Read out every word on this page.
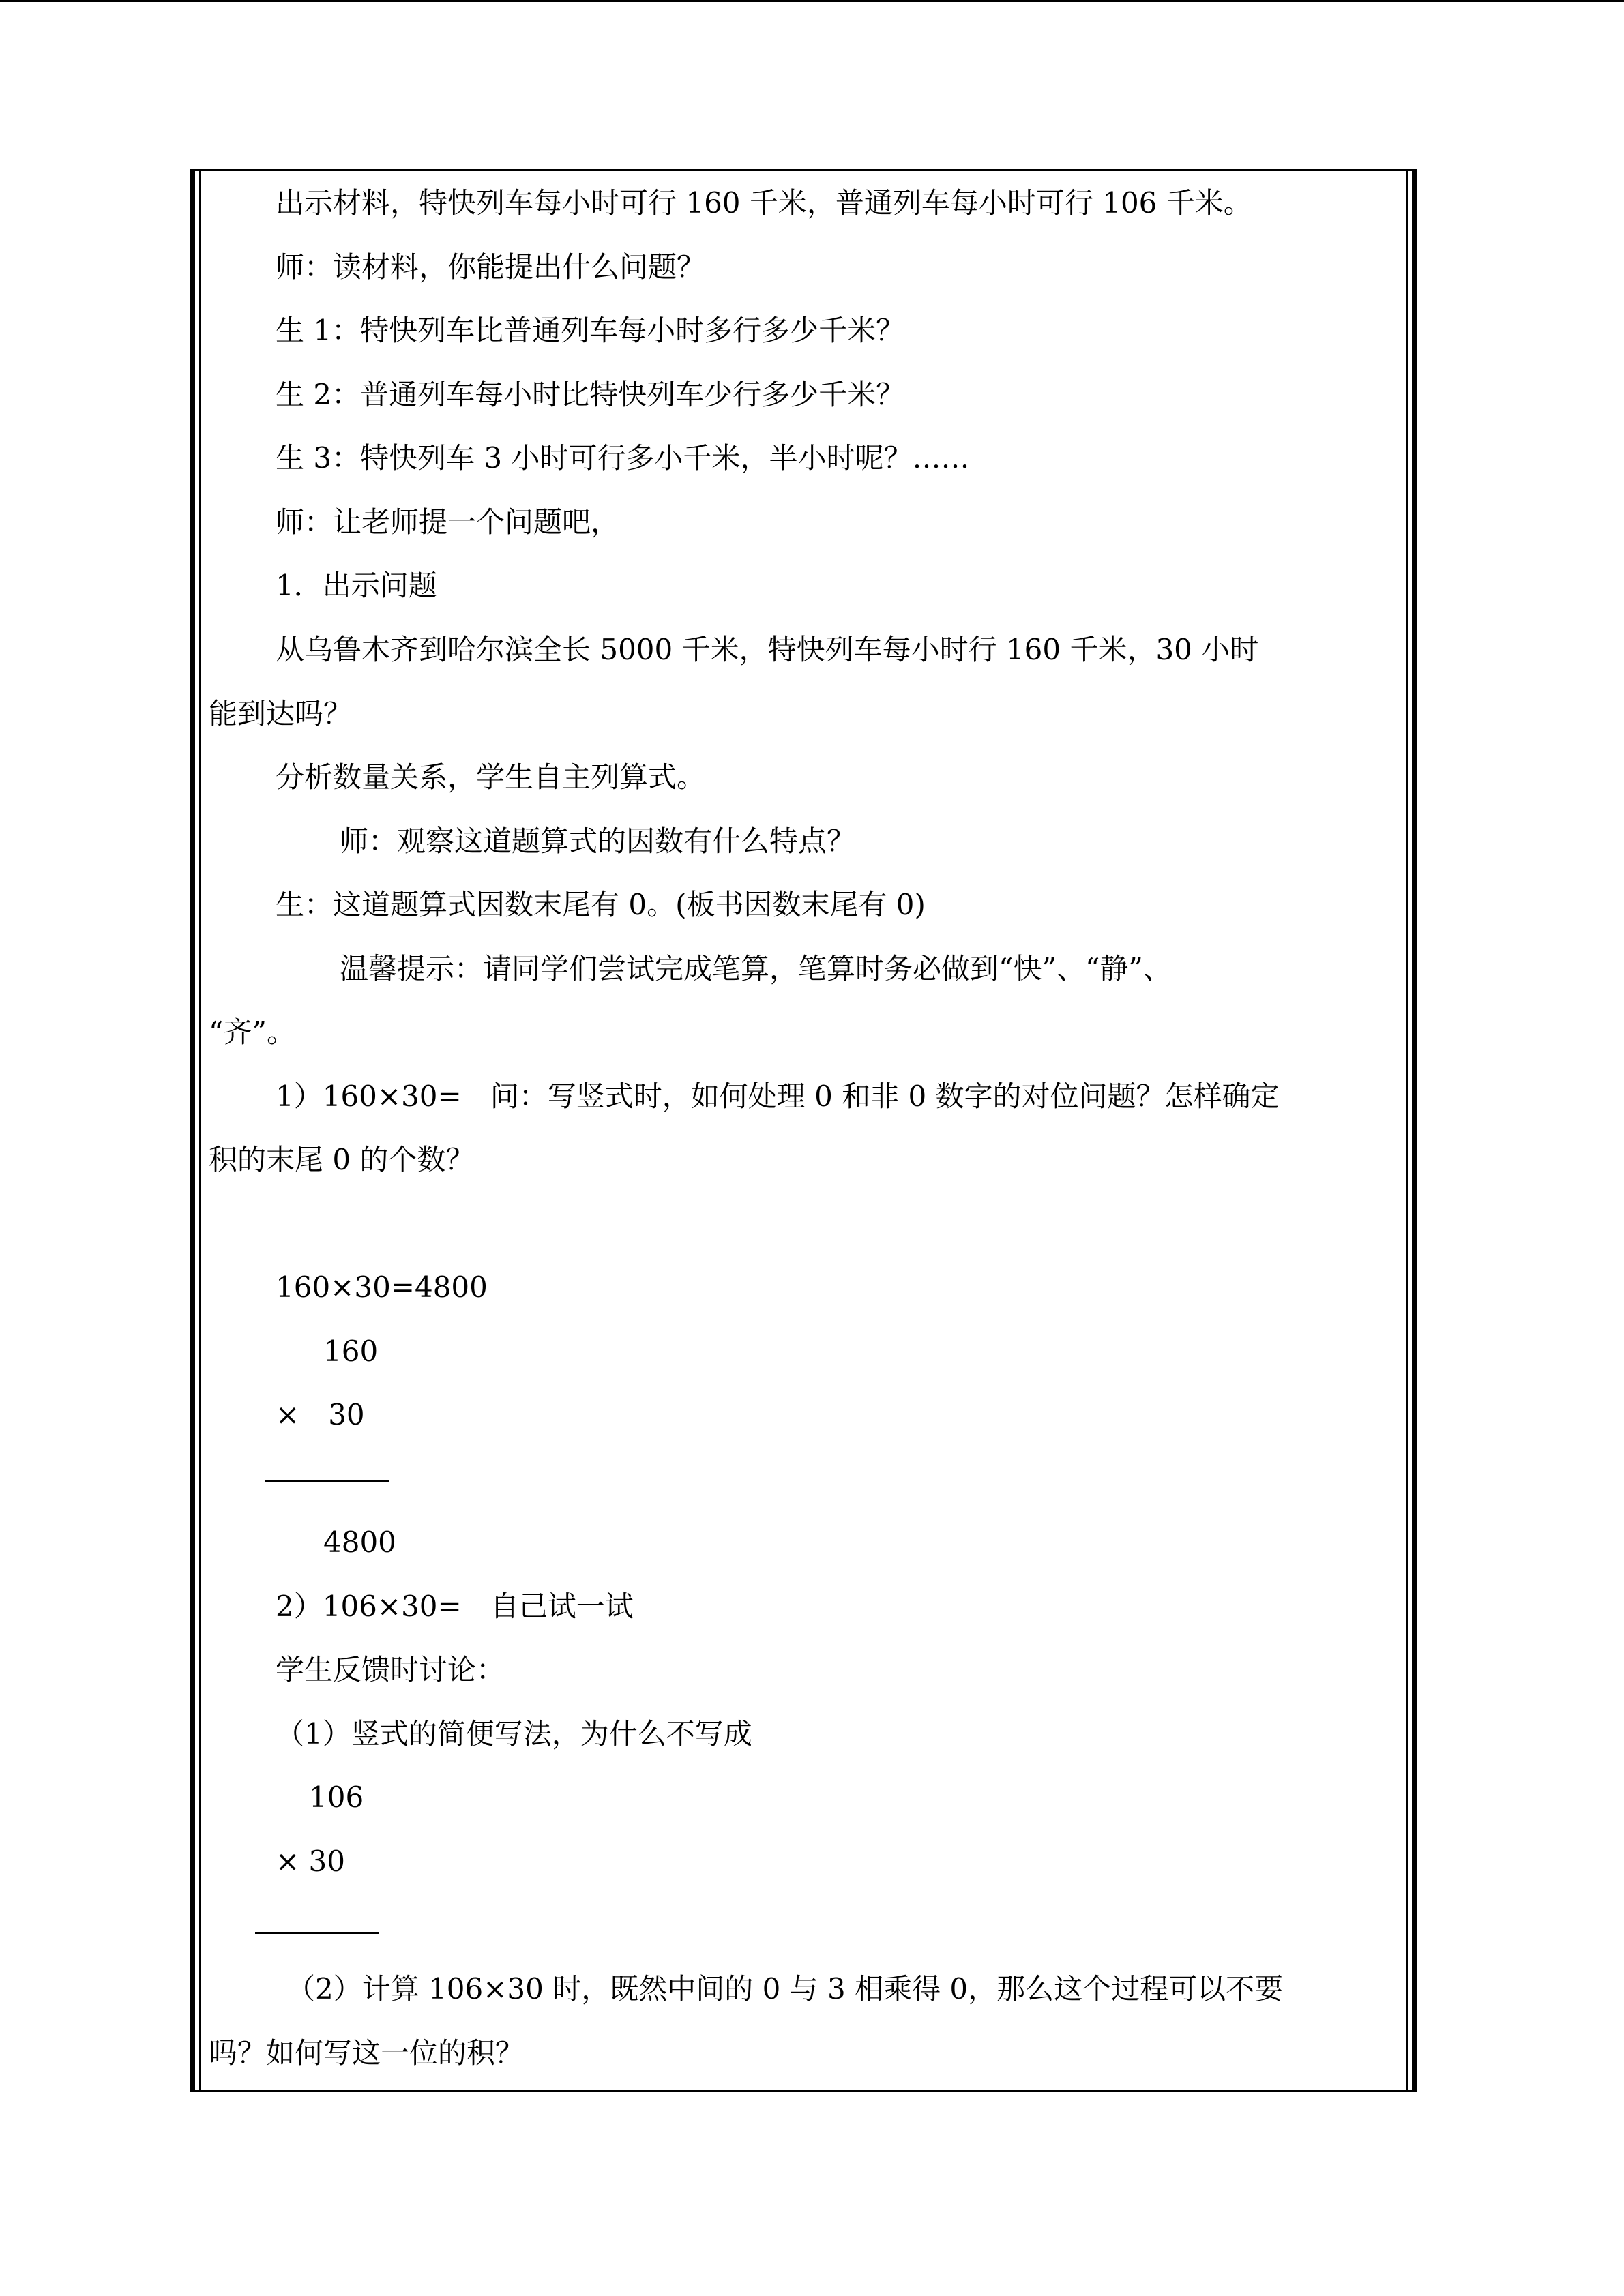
出示材料，特快列车每小时可行 160 千米，普通列车每小时可行 106 千米。

师：读材料，你能提出什么问题？

生 1：特快列车比普通列车每小时多行多少千米？

生 2：普通列车每小时比特快列车少行多少千米？

生 3：特快列车 3 小时可行多小千米，半小时呢？……

师：让老师提一个问题吧，

1．出示问题

从乌鲁木齐到哈尔滨全长 5000 千米，特快列车每小时行 160 千米，30 小时

能到达吗？

分析数量关系，学生自主列算式。

师：观察这道题算式的因数有什么特点？

生：这道题算式因数末尾有 0。(板书因数末尾有 0)

温馨提示：请同学们尝试完成笔算，笔算时务必做到“快”、“静”、

“齐”。

1）160×30=　问：写竖式时，如何处理 0 和非 0 数字的对位问题？怎样确定

积的末尾 0 的个数？

160×30=4800

160

×　30

4800

2）106×30=　自己试一试

学生反馈时讨论：

（1）竖式的简便写法，为什么不写成

106

× 30

（2）计算 106×30 时，既然中间的 0 与 3 相乘得 0，那么这个过程可以不要

吗？如何写这一位的积？
